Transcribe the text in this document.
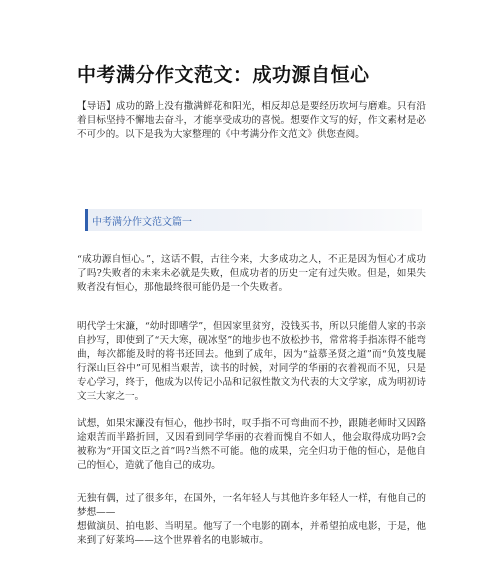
中考满分作文范文：成功源自恒心

【导语】成功的路上没有撒满鲜花和阳光，相反却总是要经历坎坷与磨难。只有沿着目标坚持不懈地去奋斗，才能享受成功的喜悦。想要作文写的好，作文素材是必不可少的。以下是我为大家整理的《中考满分作文范文》供您查阅。

中考满分作文范文篇一

“成功源自恒心。”，这话不假，古往今来，大多成功之人，不正是因为恒心才成功了吗?失败者的未来未必就是失败，但成功者的历史一定有过失败。但是，如果失败者没有恒心，那他最终很可能仍是一个失败者。

明代学士宋濂，“幼时即嗜学”，但因家里贫穷，没钱买书，所以只能借人家的书亲自抄写，即使到了“天大寒，砚冰坚”的地步也不放松抄书，常常将手指冻得不能弯曲，每次都能及时的将书还回去。他到了成年，因为“益慕圣贤之道”而“负笈曳屣行深山巨谷中”可见相当艰苦，读书的时候，对同学的华丽的衣着视而不见，只是专心学习，终于，他成为以传记小品和记叙性散文为代表的大文学家，成为明初诗文三大家之一。

试想，如果宋濂没有恒心，他抄书时，叹手指不可弯曲而不抄，跟随老师时又因路途艰苦而半路折回，又因看到同学华丽的衣着而愧自不如人，他会取得成功吗?会被称为“开国文臣之首”吗?当然不可能。他的成果，完全归功于他的恒心，是他自己的恒心，造就了他自己的成功。

无独有偶，过了很多年，在国外，一名年轻人与其他许多年轻人一样，有他自己的梦想——

想做演员、拍电影、当明星。他写了一个电影的剧本，并希望拍成电影，于是，他来到了好莱坞——这个世界着名的电影城市。
